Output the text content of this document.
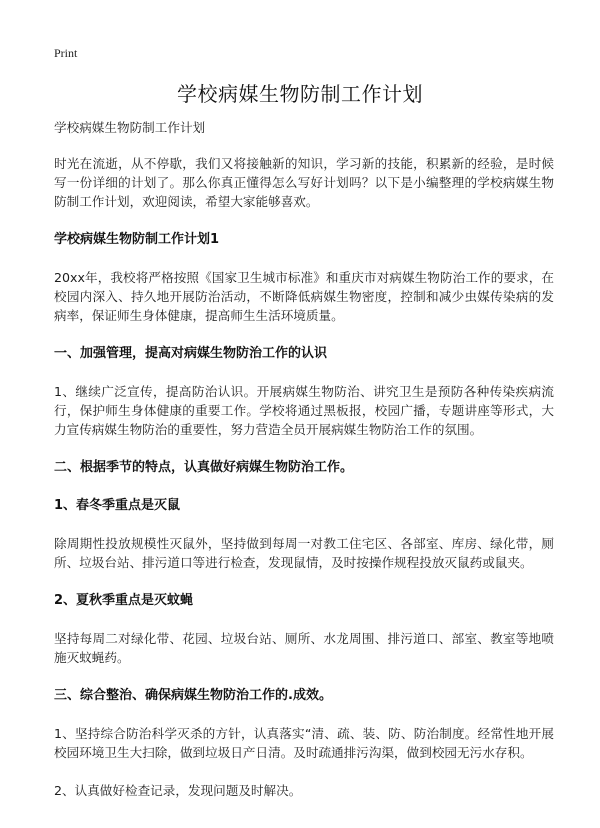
Print
学校病媒生物防制工作计划

学校病媒生物防制工作计划

时光在流逝，从不停歇，我们又将接触新的知识，学习新的技能，积累新的经验，是时候写一份详细的计划了。那么你真正懂得怎么写好计划吗？以下是小编整理的学校病媒生物防制工作计划，欢迎阅读，希望大家能够喜欢。

学校病媒生物防制工作计划1

20xx年，我校将严格按照《国家卫生城市标准》和重庆市对病媒生物防治工作的要求，在校园内深入、持久地开展防治活动，不断降低病媒生物密度，控制和减少虫媒传染病的发病率，保证师生身体健康，提高师生生活环境质量。

一、加强管理，提高对病媒生物防治工作的认识

1、继续广泛宣传，提高防治认识。开展病媒生物防治、讲究卫生是预防各种传染疾病流行，保护师生身体健康的重要工作。学校将通过黑板报，校园广播，专题讲座等形式，大力宣传病媒生物防治的重要性，努力营造全员开展病媒生物防治工作的氛围。

二、根据季节的特点，认真做好病媒生物防治工作。
1、春冬季重点是灭鼠

除周期性投放规模性灭鼠外，坚持做到每周一对教工住宅区、各部室、库房、绿化带，厕所、垃圾台站、排污道口等进行检查，发现鼠情，及时按操作规程投放灭鼠药或鼠夹。

2、夏秋季重点是灭蚊蝇

坚持每周二对绿化带、花园、垃圾台站、厕所、水龙周围、排污道口、部室、教室等地喷施灭蚊蝇药。

三、综合整治、确保病媒生物防治工作的.成效。

1、坚持综合防治科学灭杀的方针，认真落实“清、疏、装、防、防治制度。经常性地开展校园环境卫生大扫除，做到垃圾日产日清。及时疏通排污沟渠，做到校园无污水存积。

2、认真做好检查记录，发现问题及时解决。
